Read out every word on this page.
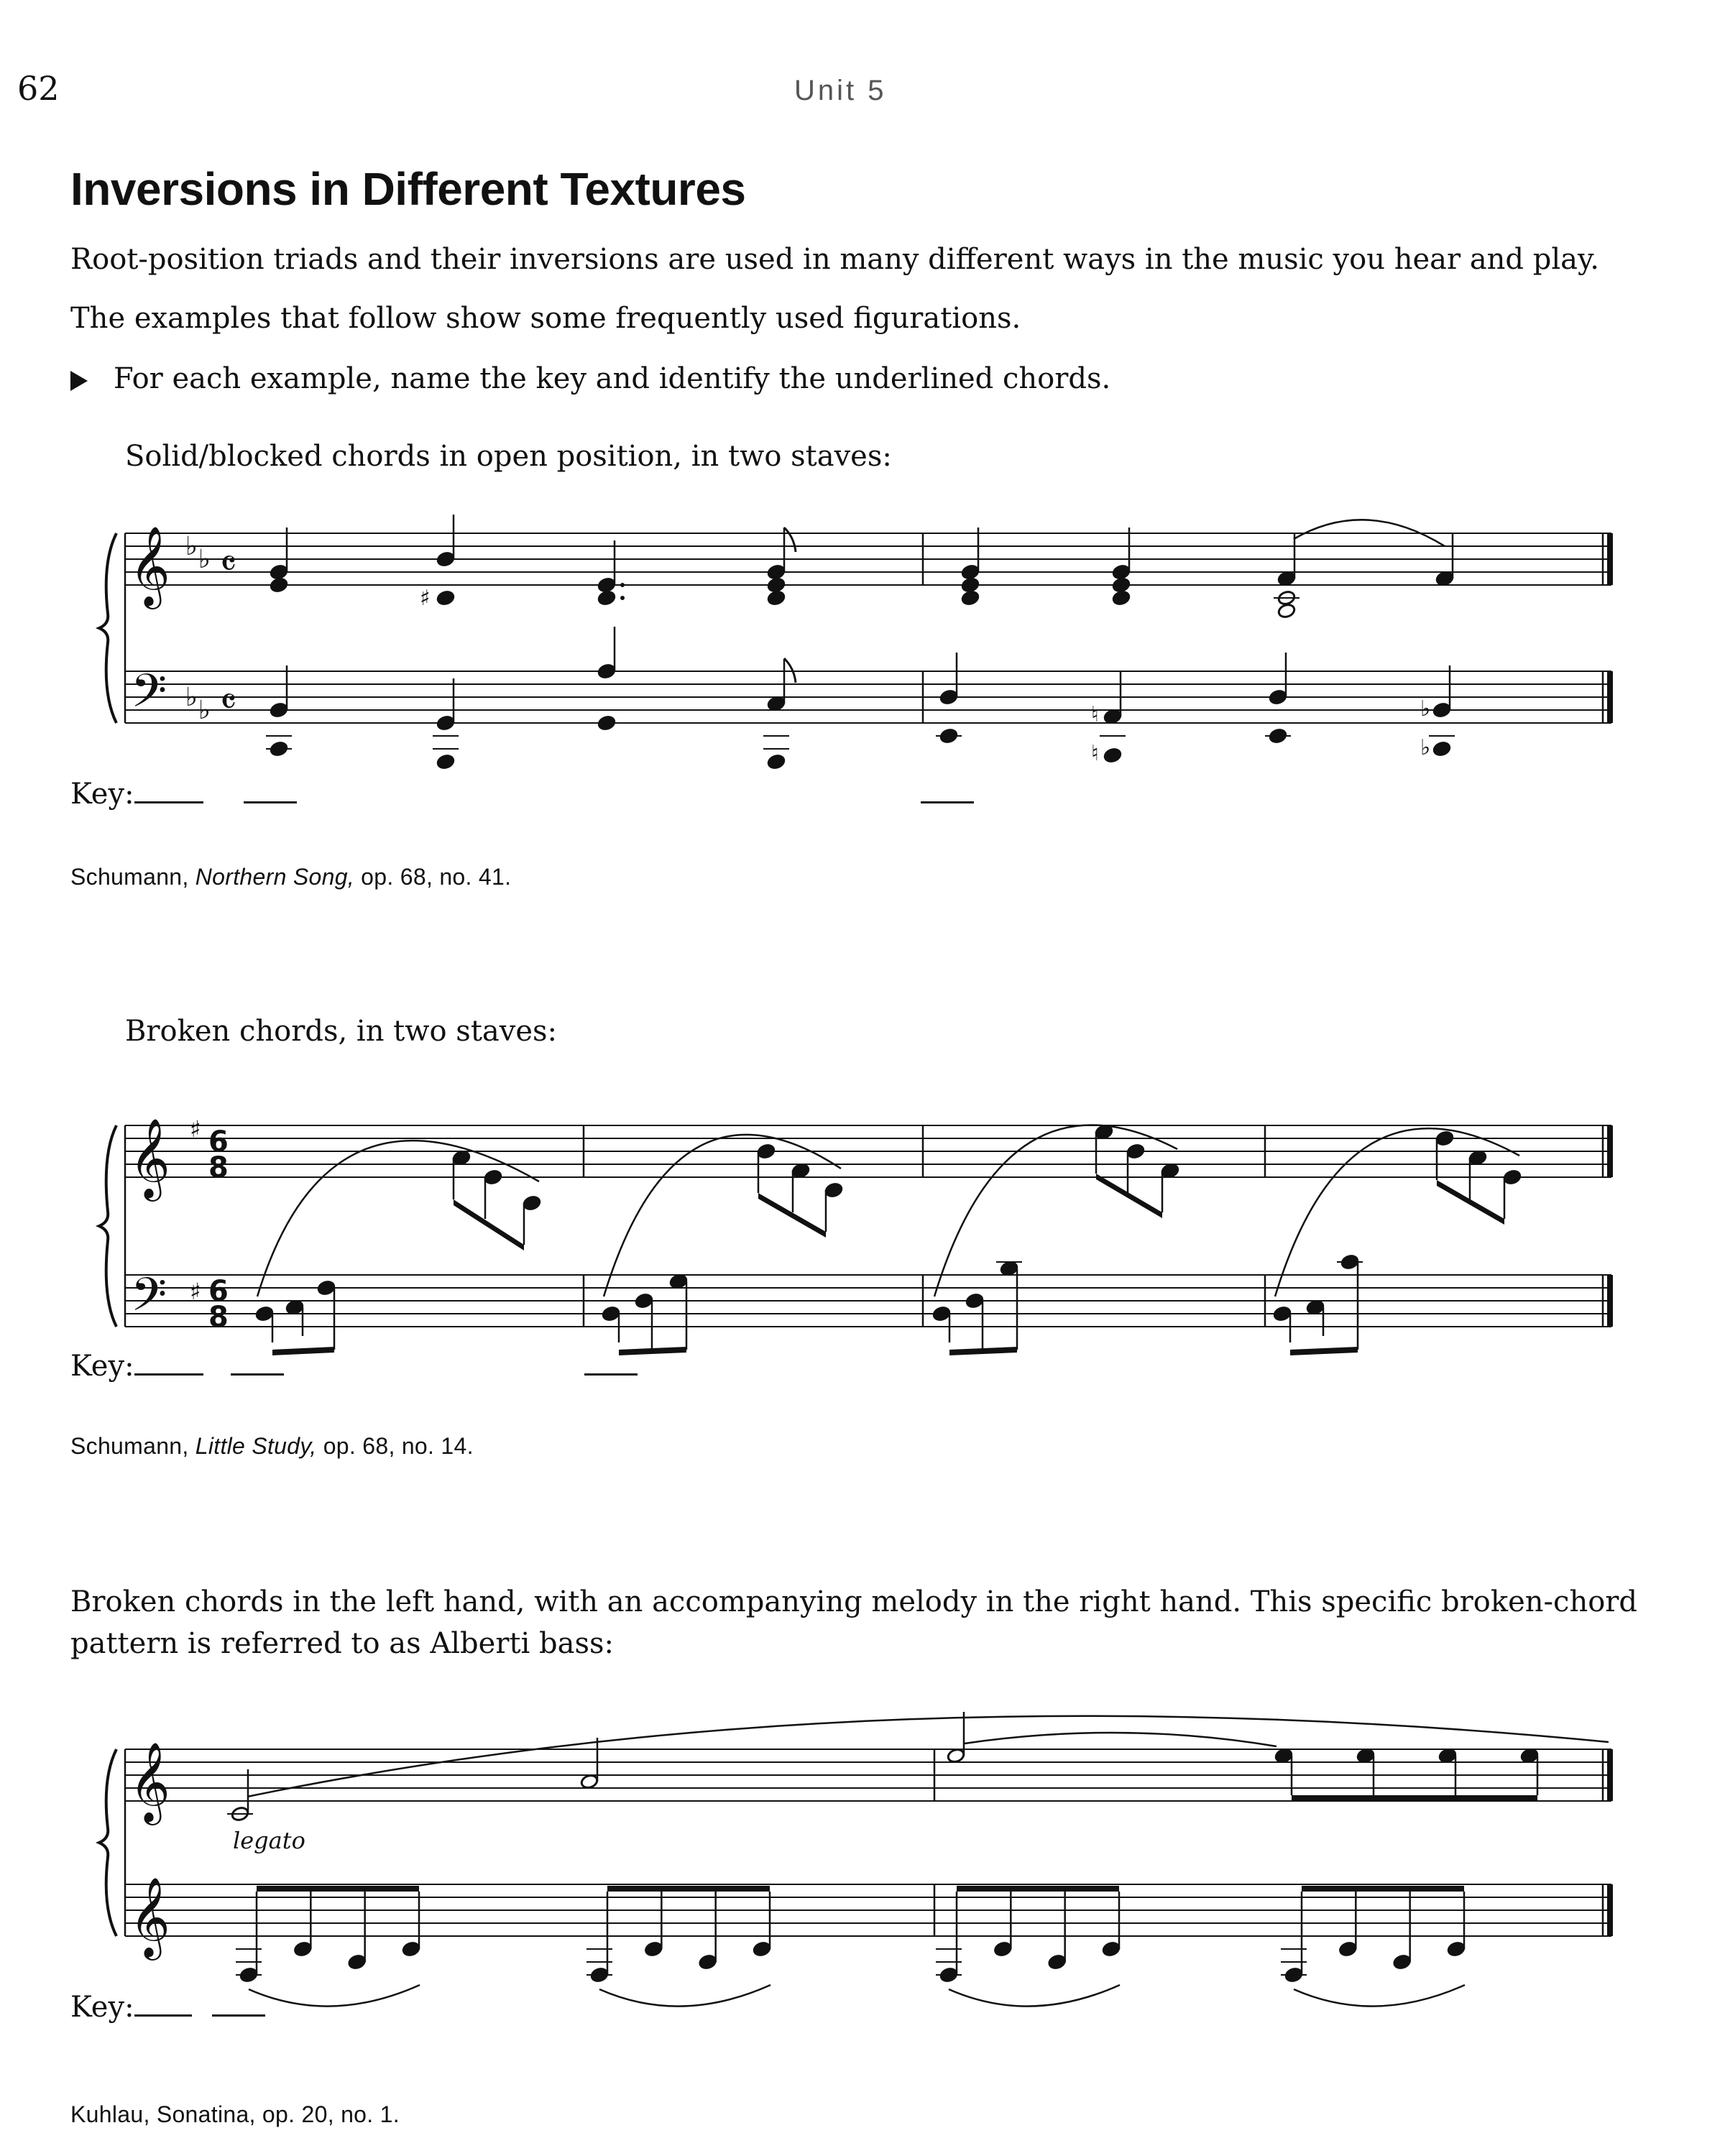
62	Unit 5
Inversions in Different Textures
Root-position triads and their inversions are used in many different ways in the music you hear and play.
The examples that follow show some frequently used figurations.
For each example, name the key and identify the underlined chords.
Solid/blocked chords in open position, in two staves:
Key:
Schumann, Northern Song, op. 68, no. 41.
Broken chords, in two staves:
Key:
Schumann, Little Study, op. 68, no. 14.
Broken chords in the left hand, with an accompanying melody in the right hand. This specific broken-chord
pattern is referred to as Alberti bass:
legato
Key:
Kuhlau, Sonatina, op. 20, no. 1.
𝄞
𝄢
♭ ♭
♭ ♭
𝄴
𝄴
♯
♮
♮
♭
♭
𝄞
𝄢
♯
♯
6
8
6
8
𝄞
𝄞
